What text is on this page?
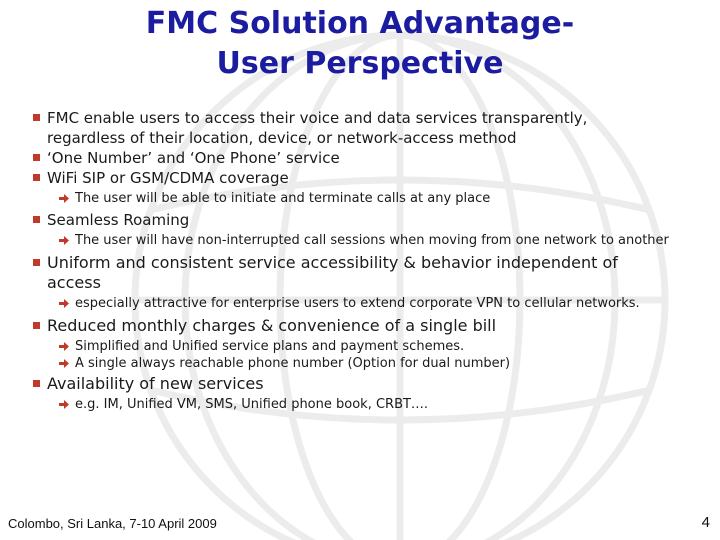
FMC Solution Advantage-
User Perspective
FMC enable users to access their voice and data services transparently, regardless of their location, device, or network-access method
‘One Number’ and ‘One Phone’ service
WiFi SIP or GSM/CDMA coverage
The user will be able to initiate and terminate calls at any place
Seamless Roaming
The user will have non-interrupted call sessions when moving from one network to another
Uniform and consistent service accessibility & behavior independent of access
especially attractive for enterprise users to extend corporate VPN to cellular networks.
Reduced monthly charges & convenience of a single bill
Simplified and Unified service plans and payment schemes.
A single always reachable phone number (Option for dual number)
Availability of new services
e.g. IM, Unified VM, SMS, Unified phone book, CRBT….
Colombo, Sri Lanka, 7-10 April 2009	4
